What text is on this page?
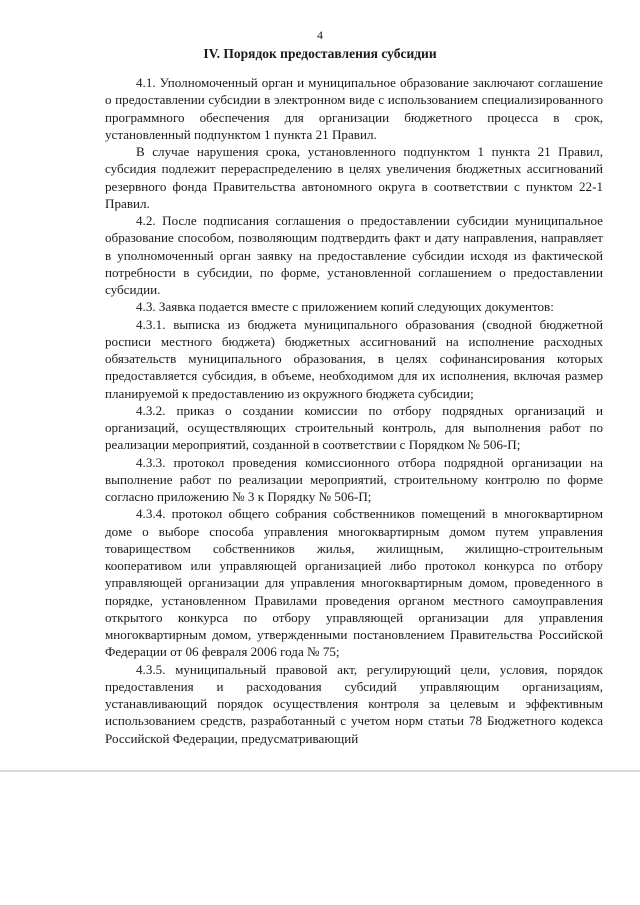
4
IV. Порядок предоставления субсидии

4.1. Уполномоченный орган и муниципальное образование заключают соглашение о предоставлении субсидии в электронном виде с использованием специализированного программного обеспечения для организации бюджетного процесса в срок, установленный подпунктом 1 пункта 21 Правил.

В случае нарушения срока, установленного подпунктом 1 пункта 21 Правил, субсидия подлежит перераспределению в целях увеличения бюджетных ассигнований резервного фонда Правительства автономного округа в соответствии с пунктом 22-1 Правил.

4.2. После подписания соглашения о предоставлении субсидии муниципальное образование способом, позволяющим подтвердить факт и дату направления, направляет в уполномоченный орган заявку на предоставление субсидии исходя из фактической потребности в субсидии, по форме, установленной соглашением о предоставлении субсидии.

4.3. Заявка подается вместе с приложением копий следующих документов:

4.3.1. выписка из бюджета муниципального образования (сводной бюджетной росписи местного бюджета) бюджетных ассигнований на исполнение расходных обязательств муниципального образования, в целях софинансирования которых предоставляется субсидия, в объеме, необходимом для их исполнения, включая размер планируемой к предоставлению из окружного бюджета субсидии;

4.3.2. приказ о создании комиссии по отбору подрядных организаций и организаций, осуществляющих строительный контроль, для выполнения работ по реализации мероприятий, созданной в соответствии с Порядком № 506-П;

4.3.3. протокол проведения комиссионного отбора подрядной организации на выполнение работ по реализации мероприятий, строительному контролю по форме согласно приложению № 3 к Порядку № 506-П;

4.3.4. протокол общего собрания собственников помещений в многоквартирном доме о выборе способа управления многоквартирным домом путем управления товариществом собственников жилья, жилищным, жилищно-строительным кооперативом или управляющей организацией либо протокол конкурса по отбору управляющей организации для управления многоквартирным домом, проведенного в порядке, установленном Правилами проведения органом местного самоуправления открытого конкурса по отбору управляющей организации для управления многоквартирным домом, утвержденными постановлением Правительства Российской Федерации от 06 февраля 2006 года № 75;

4.3.5. муниципальный правовой акт, регулирующий цели, условия, порядок предоставления и расходования субсидий управляющим организациям, устанавливающий порядок осуществления контроля за целевым и эффективным использованием средств, разработанный с учетом норм статьи 78 Бюджетного кодекса Российской Федерации, предусматривающий
